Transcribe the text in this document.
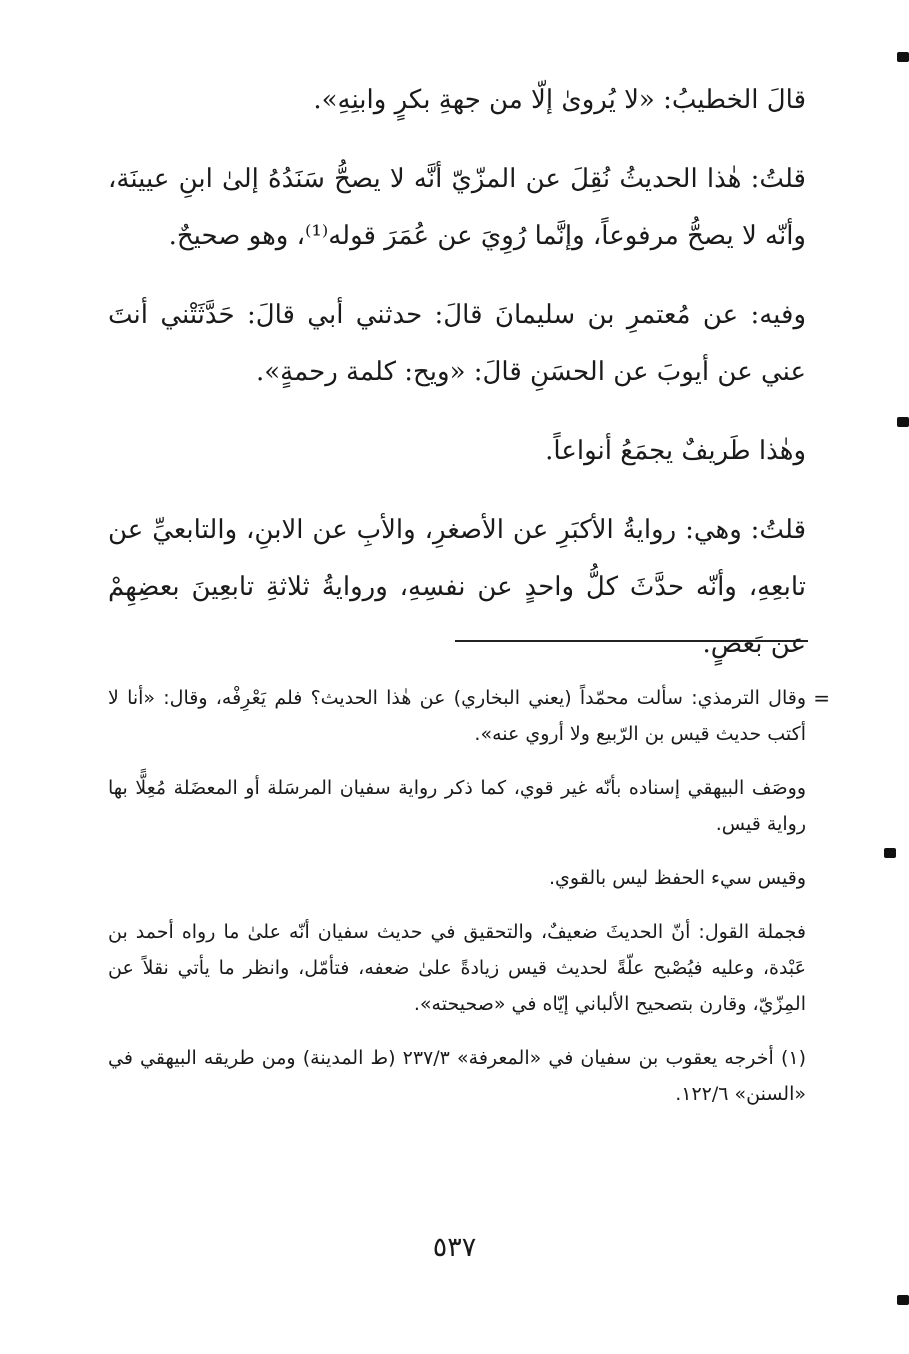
قالَ الخطيبُ: «لا يُروىٰ إلّا من جهةِ بكرٍ وابنِهِ».

قلتُ: هٰذا الحديثُ نُقِلَ عن المزّيّ أنَّه لا يصحُّ سَنَدُهُ إلىٰ ابنِ عيينَة، وأنّه لا يصحُّ مرفوعاً، وإنَّما رُوِيَ عن عُمَرَ قوله⁽¹⁾، وهو صحيحٌ.

وفيه: عن مُعتمرِ بن سليمانَ قالَ: حدثني أبي قالَ: حَدَّثَتْني أنتَ عني عن أيوبَ عن الحسَنِ قالَ: «ويح: كلمة رحمةٍ».

وهٰذا طَريفٌ يجمَعُ أنواعاً.

قلتُ: وهي: روايةُ الأكبَرِ عن الأصغرِ، والأبِ عن الابنِ، والتابعيِّ عن تابعِهِ، وأنّه حدَّثَ كلُّ واحدٍ عن نفسِهِ، وروايةُ ثلاثةِ تابعِينَ بعضِهِمْ عن بَعضٍ.

=
وقال الترمذي: سألت محمّداً (يعني البخاري) عن هٰذا الحديث؟ فلم يَعْرِفْه، وقال: «أنا لا أكتب حديث قيس بن الرّبيع ولا أروي عنه».

ووصَف البيهقي إسناده بأنّه غير قوي، كما ذكر رواية سفيان المرسَلة أو المعضَلة مُعِلًّا بها رواية قيس.

وقيس سيء الحفظ ليس بالقوي.

فجملة القول: أنّ الحديثَ ضعيفٌ، والتحقيق في حديث سفيان أنّه علىٰ ما رواه أحمد بن عَبْدة، وعليه فيُصْبح علّةً لحديث قيس زيادةً علىٰ ضعفه، فتأمّل، وانظر ما يأتي نقلاً عن المِزّيّ، وقارن بتصحيح الألباني إيّاه في «صحيحته».

(١) أخرجه يعقوب بن سفيان في «المعرفة» ٢٣٧/٣ (ط المدينة) ومن طريقه البيهقي في «السنن» ١٢٢/٦.

٥٣٧
